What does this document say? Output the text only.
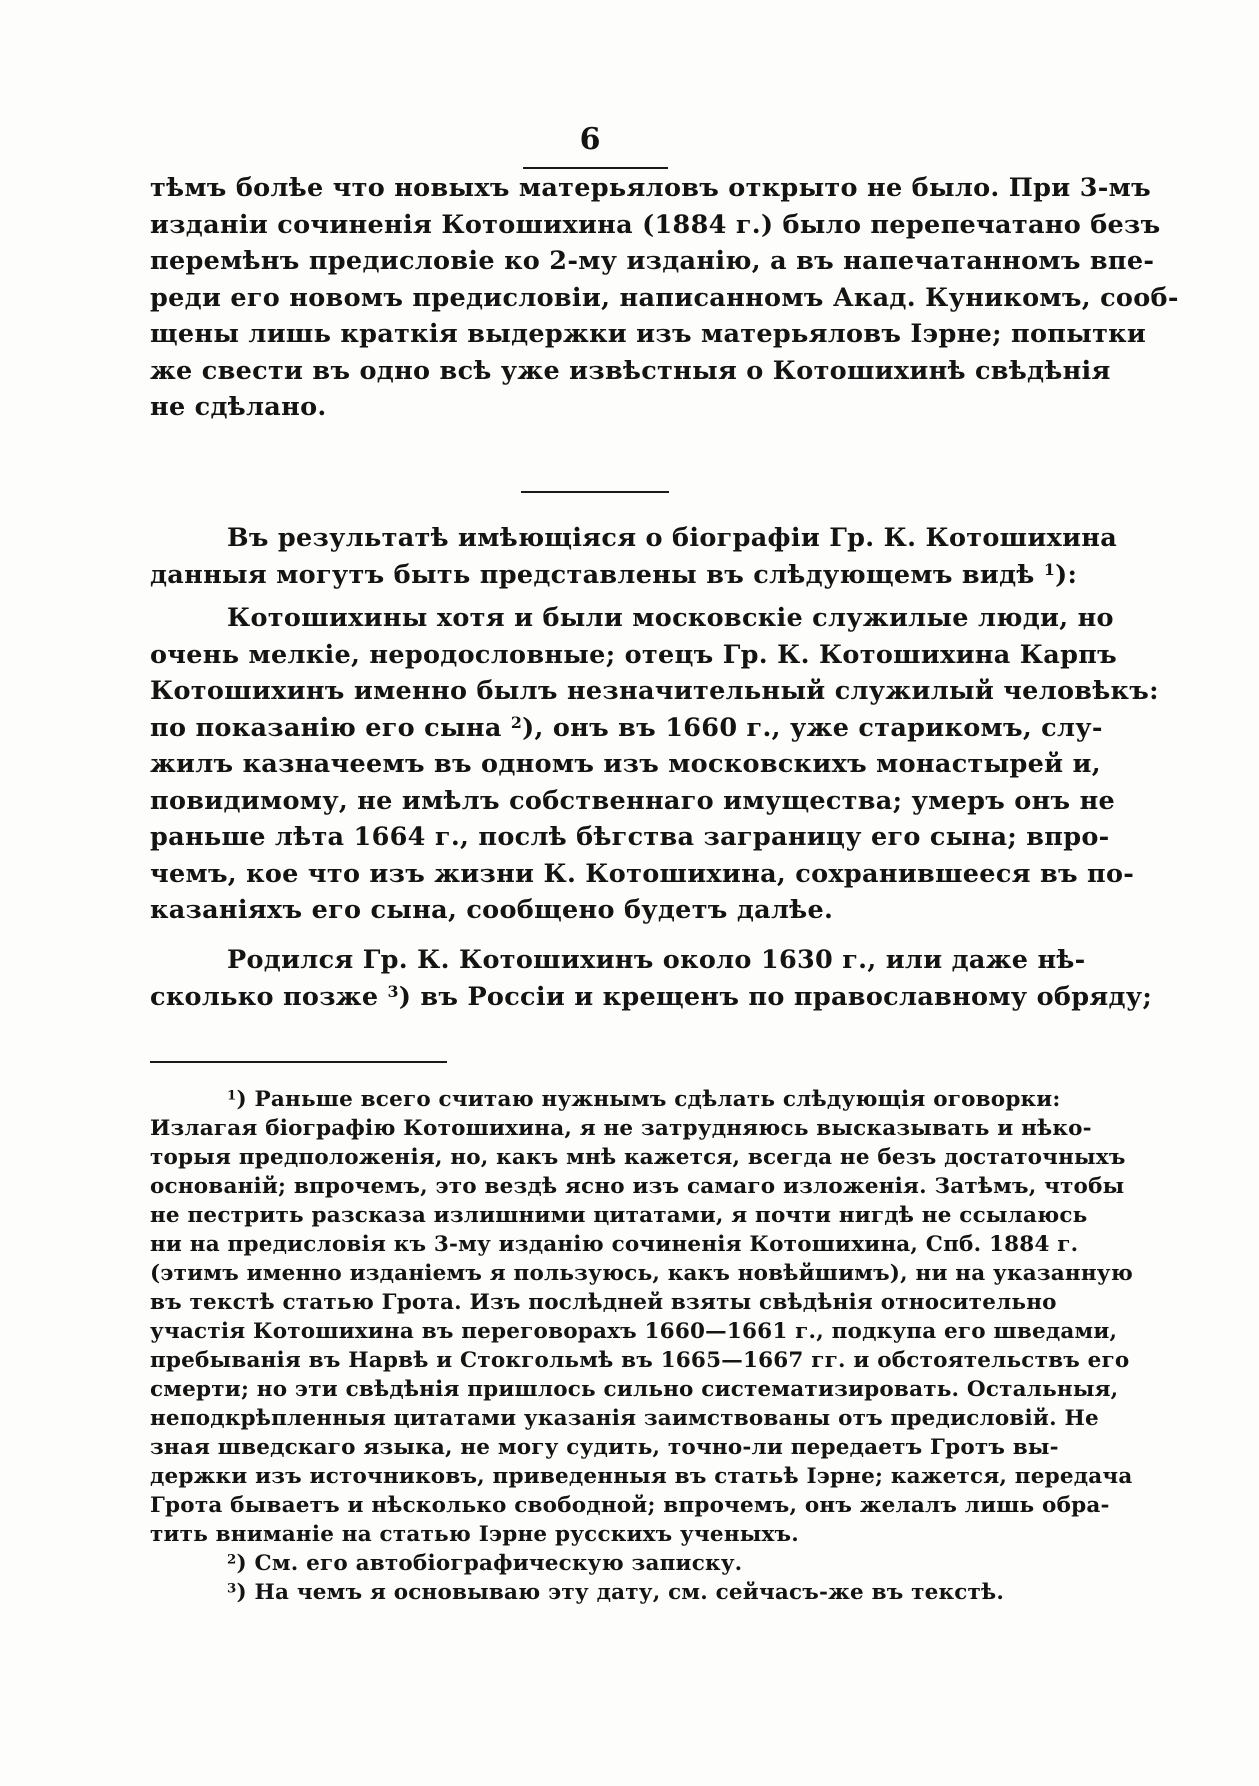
6
тѣмъ болѣе что новыхъ матерьяловъ открыто не было. При 3-мъ
изданіи сочиненія Котошихина (1884 г.) было перепечатано безъ
перемѣнъ предисловіе ко 2-му изданію, а въ напечатанномъ впе-
реди его новомъ предисловіи, написанномъ Акад. Куникомъ, сооб-
щены лишь краткія выдержки изъ матерьяловъ Іэрне; попытки
же свести въ одно всѣ уже извѣстныя о Котошихинѣ свѣдѣнія
не сдѣлано.
Въ результатѣ имѣющіяся о біографіи Гр. К. Котошихина
данныя могутъ быть представлены въ слѣдующемъ видѣ $^1$):
Котошихины хотя и были московскіе служилые люди, но
очень мелкіе, неродословные; отецъ Гр. К. Котошихина Карпъ
Котошихинъ именно былъ незначительный служилый человѣкъ:
по показанію его сына $^2$), онъ въ 1660 г., уже старикомъ, слу-
жилъ казначеемъ въ одномъ изъ московскихъ монастырей и,
повидимому, не имѣлъ собственнаго имущества; умеръ онъ не
раньше лѣта 1664 г., послѣ бѣгства заграницу его сына; впро-
чемъ, кое что изъ жизни К. Котошихина, сохранившееся въ по-
казаніяхъ его сына, сообщено будетъ далѣе.
Родился Гр. К. Котошихинъ около 1630 г., или даже нѣ-
сколько позже $^3$) въ Россіи и крещенъ по православному обряду;
$^1$) Раньше всего считаю нужнымъ сдѣлать слѣдующія оговорки:
Излагая біографію Котошихина, я не затрудняюсь высказывать и нѣко-
торыя предположенія, но, какъ мнѣ кажется, всегда не безъ достаточныхъ
основаній; впрочемъ, это вездѣ ясно изъ самаго изложенія. Затѣмъ, чтобы
не пестрить разсказа излишними цитатами, я почти нигдѣ не ссылаюсь
ни на предисловія къ 3-му изданію сочиненія Котошихина, Спб. 1884 г.
(этимъ именно изданіемъ я пользуюсь, какъ новѣйшимъ), ни на указанную
въ текстѣ статью Грота. Изъ послѣдней взяты свѣдѣнія относительно
участія Котошихина въ переговорахъ 1660—1661 г., подкупа его шведами,
пребыванія въ Нарвѣ и Стокгольмѣ въ 1665—1667 гг. и обстоятельствъ его
смерти; но эти свѣдѣнія пришлось сильно систематизировать. Остальныя,
неподкрѣпленныя цитатами указанія заимствованы отъ предисловій. Не
зная шведскаго языка, не могу судить, точно-ли передаетъ Гротъ вы-
держки изъ источниковъ, приведенныя въ статьѣ Іэрне; кажется, передача
Грота бываетъ и нѣсколько свободной; впрочемъ, онъ желалъ лишь обра-
тить вниманіе на статью Іэрне русскихъ ученыхъ.
$^2$) См. его автобіографическую записку.
$^3$) На чемъ я основываю эту дату, см. сейчасъ-же въ текстѣ.
